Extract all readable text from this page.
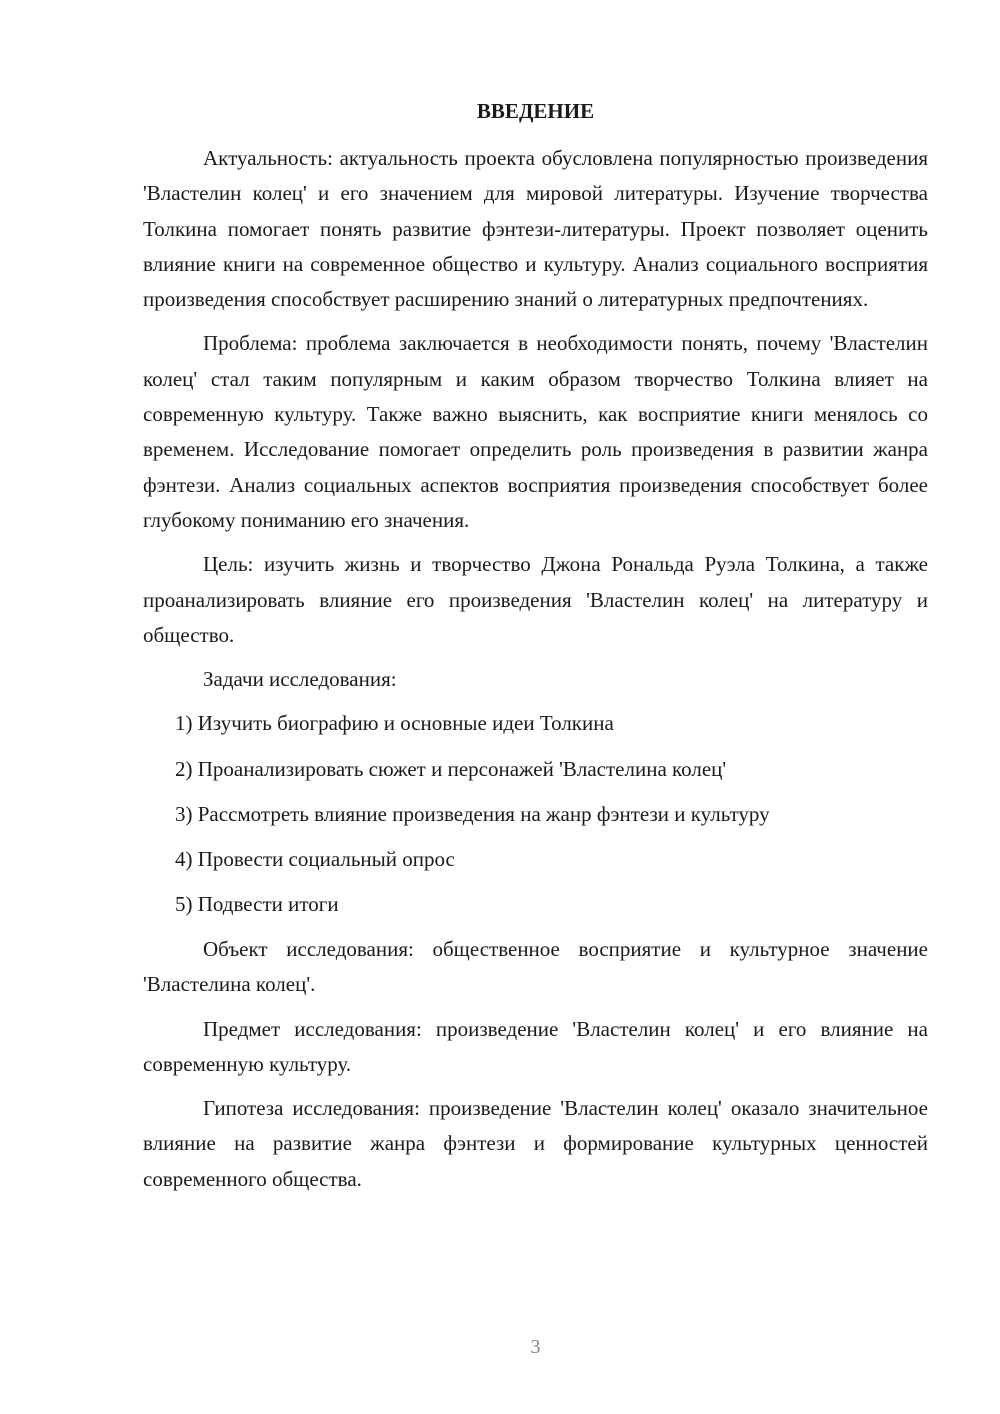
ВВЕДЕНИЕ

Актуальность: актуальность проекта обусловлена популярностью произведения 'Властелин колец' и его значением для мировой литературы. Изучение творчества Толкина помогает понять развитие фэнтези-литературы. Проект позволяет оценить влияние книги на современное общество и культуру. Анализ социального восприятия произведения способствует расширению знаний о литературных предпочтениях.

Проблема: проблема заключается в необходимости понять, почему 'Властелин колец' стал таким популярным и каким образом творчество Толкина влияет на современную культуру. Также важно выяснить, как восприятие книги менялось со временем. Исследование помогает определить роль произведения в развитии жанра фэнтези. Анализ социальных аспектов восприятия произведения способствует более глубокому пониманию его значения.

Цель: изучить жизнь и творчество Джона Рональда Руэла Толкина, а также проанализировать влияние его произведения 'Властелин колец' на литературу и общество.

Задачи исследования:

1) Изучить биографию и основные идеи Толкина

2) Проанализировать сюжет и персонажей 'Властелина колец'

3) Рассмотреть влияние произведения на жанр фэнтези и культуру

4) Провести социальный опрос

5) Подвести итоги

Объект исследования: общественное восприятие и культурное значение 'Властелина колец'.

Предмет исследования: произведение 'Властелин колец' и его влияние на современную культуру.

Гипотеза исследования: произведение 'Властелин колец' оказало значительное влияние на развитие жанра фэнтези и формирование культурных ценностей современного общества.

3
